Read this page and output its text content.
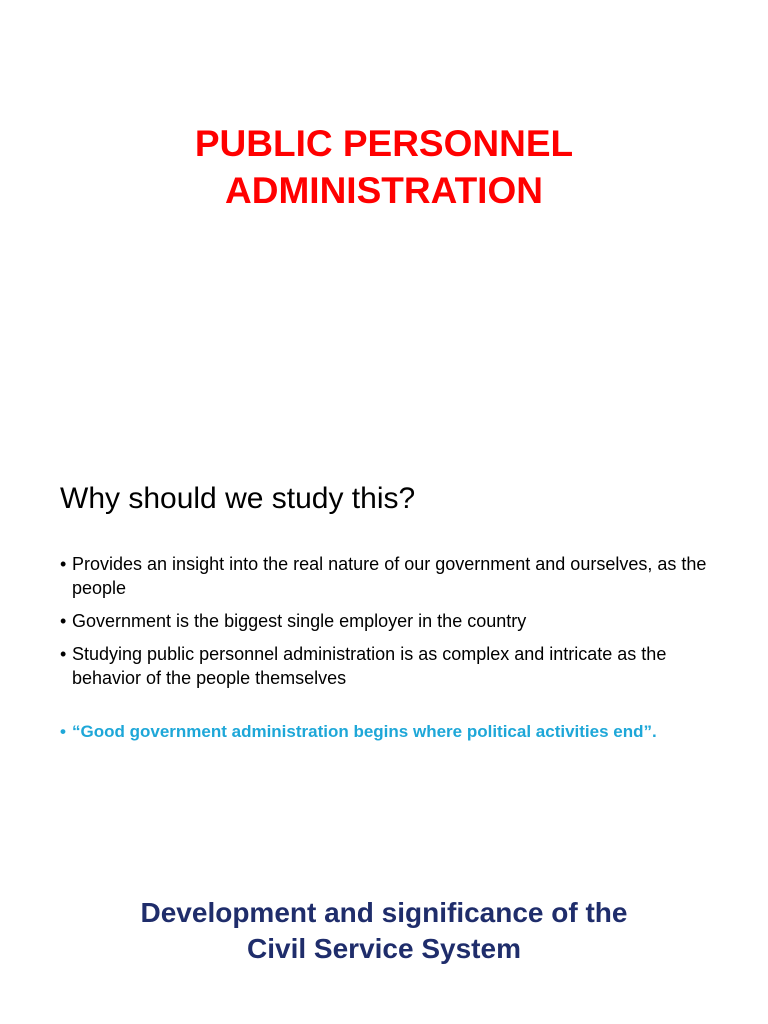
PUBLIC PERSONNEL
ADMINISTRATION
Why should we study this?
• Provides an insight into the real nature of our government and ourselves, as the people
• Government is the biggest single employer in the country
• Studying public personnel administration is as complex and intricate as the behavior of the people themselves
• “Good government administration begins where political activities end”.
Development and significance of the
Civil Service System
